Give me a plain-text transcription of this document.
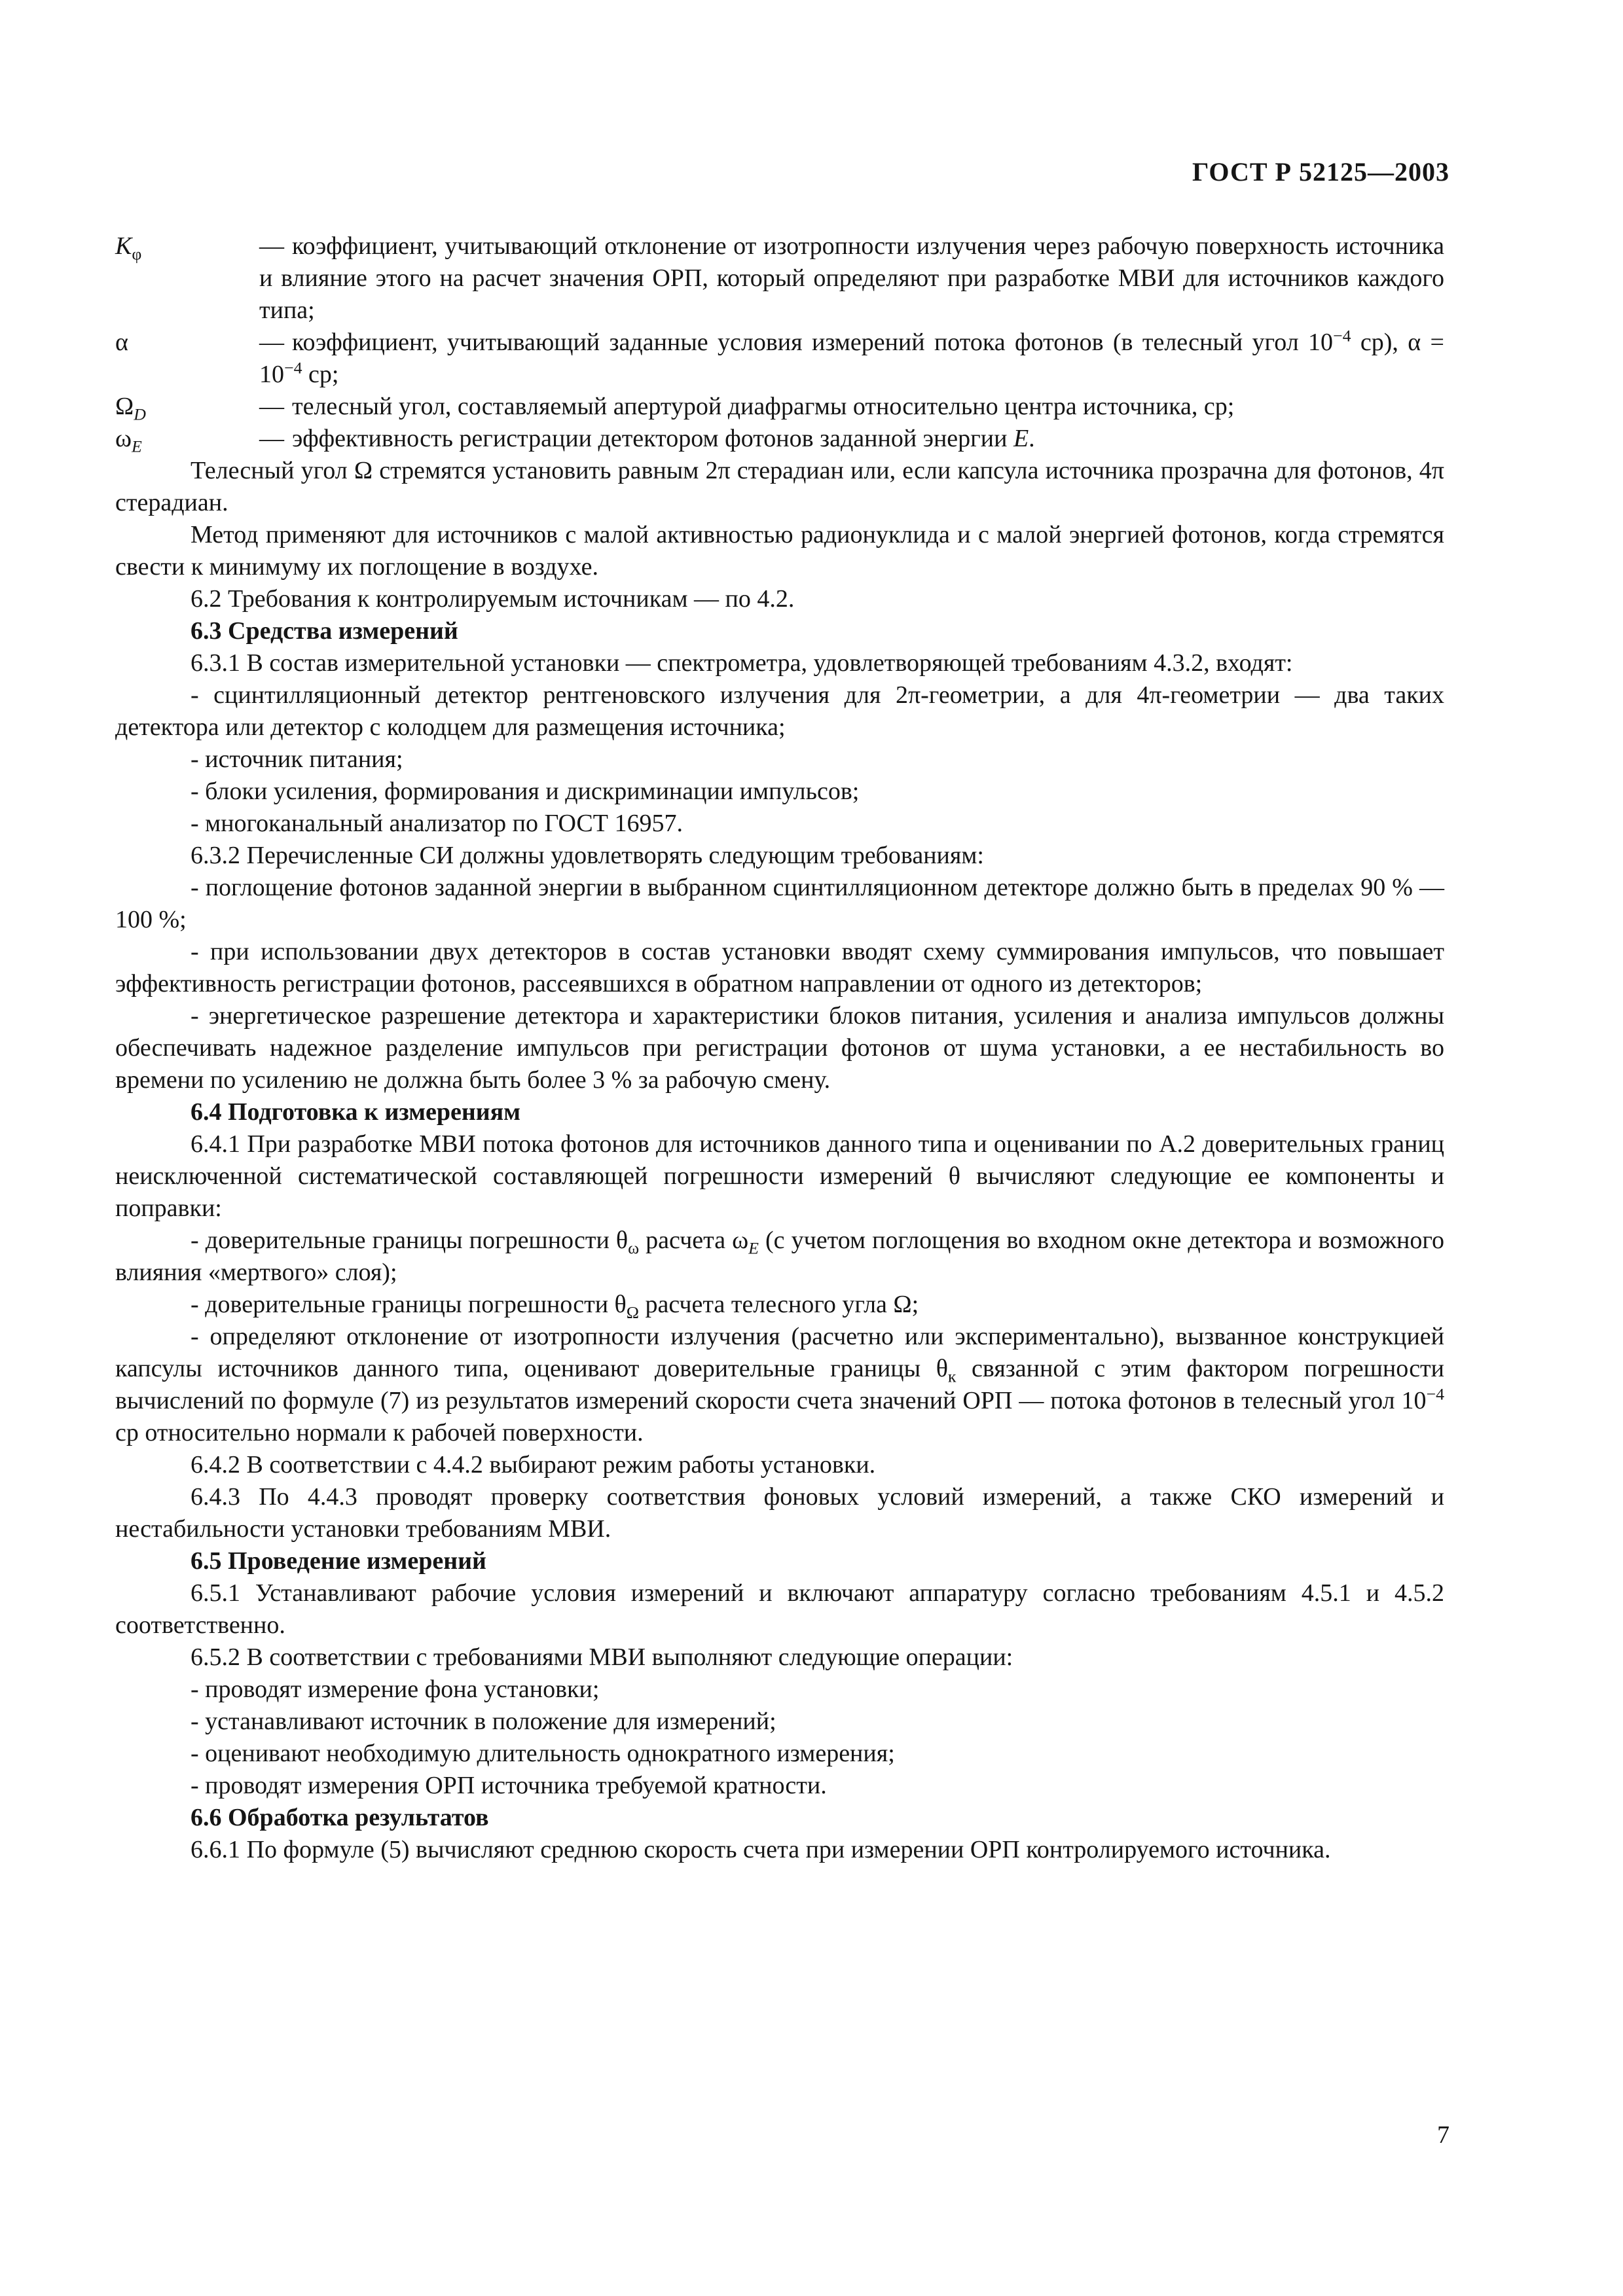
ГОСТ Р 52125—2003
$K_\varphi$	— коэффициент, учитывающий отклонение от изотропности излучения через рабочую поверхность источника и влияние этого на расчет значения ОРП, который определяют при разработке МВИ для источников каждого типа;
α	— коэффициент, учитывающий заданные условия измерений потока фотонов (в телесный угол $10^{-4}$ ср), $\alpha = 10^{-4}$ ср;
$\Omega_D$	— телесный угол, составляемый апертурой диафрагмы относительно центра источника, ср;
$\omega_E$	— эффективность регистрации детектором фотонов заданной энергии E.

Телесный угол Ω стремятся установить равным 2π стерадиан или, если капсула источника прозрачна для фотонов, 4π стерадиан.

Метод применяют для источников с малой активностью радионуклида и с малой энергией фотонов, когда стремятся свести к минимуму их поглощение в воздухе.

6.2 Требования к контролируемым источникам — по 4.2.

6.3 Средства измерений

6.3.1 В состав измерительной установки — спектрометра, удовлетворяющей требованиям 4.3.2, входят:

- сцинтилляционный детектор рентгеновского излучения для 2π-геометрии, а для 4π-геометрии — два таких детектора или детектор с колодцем для размещения источника;

- источник питания;

- блоки усиления, формирования и дискриминации импульсов;

- многоканальный анализатор по ГОСТ 16957.

6.3.2 Перечисленные СИ должны удовлетворять следующим требованиям:

- поглощение фотонов заданной энергии в выбранном сцинтилляционном детекторе должно быть в пределах 90 % — 100 %;

- при использовании двух детекторов в состав установки вводят схему суммирования импульсов, что повышает эффективность регистрации фотонов, рассеявшихся в обратном направлении от одного из детекторов;

- энергетическое разрешение детектора и характеристики блоков питания, усиления и анализа импульсов должны обеспечивать надежное разделение импульсов при регистрации фотонов от шума установки, а ее нестабильность во времени по усилению не должна быть более 3 % за рабочую смену.

6.4 Подготовка к измерениям

6.4.1 При разработке МВИ потока фотонов для источников данного типа и оценивании по А.2 доверительных границ неисключенной систематической составляющей погрешности измерений θ вычисляют следующие ее компоненты и поправки:

- доверительные границы погрешности $\theta_\omega$ расчета $\omega_E$ (с учетом поглощения во входном окне детектора и возможного влияния «мертвого» слоя);

- доверительные границы погрешности $\theta_\Omega$ расчета телесного угла Ω;

- определяют отклонение от изотропности излучения (расчетно или экспериментально), вызванное конструкцией капсулы источников данного типа, оценивают доверительные границы $\theta_к$ связанной с этим фактором погрешности вычислений по формуле (7) из результатов измерений скорости счета значений ОРП — потока фотонов в телесный угол $10^{-4}$ ср относительно нормали к рабочей поверхности.

6.4.2 В соответствии с 4.4.2 выбирают режим работы установки.

6.4.3 По 4.4.3 проводят проверку соответствия фоновых условий измерений, а также СКО измерений и нестабильности установки требованиям МВИ.

6.5 Проведение измерений

6.5.1 Устанавливают рабочие условия измерений и включают аппаратуру согласно требованиям 4.5.1 и 4.5.2 соответственно.

6.5.2 В соответствии с требованиями МВИ выполняют следующие операции:

- проводят измерение фона установки;

- устанавливают источник в положение для измерений;

- оценивают необходимую длительность однократного измерения;

- проводят измерения ОРП источника требуемой кратности.

6.6 Обработка результатов

6.6.1 По формуле (5) вычисляют среднюю скорость счета при измерении ОРП контролируемого источника.

7
